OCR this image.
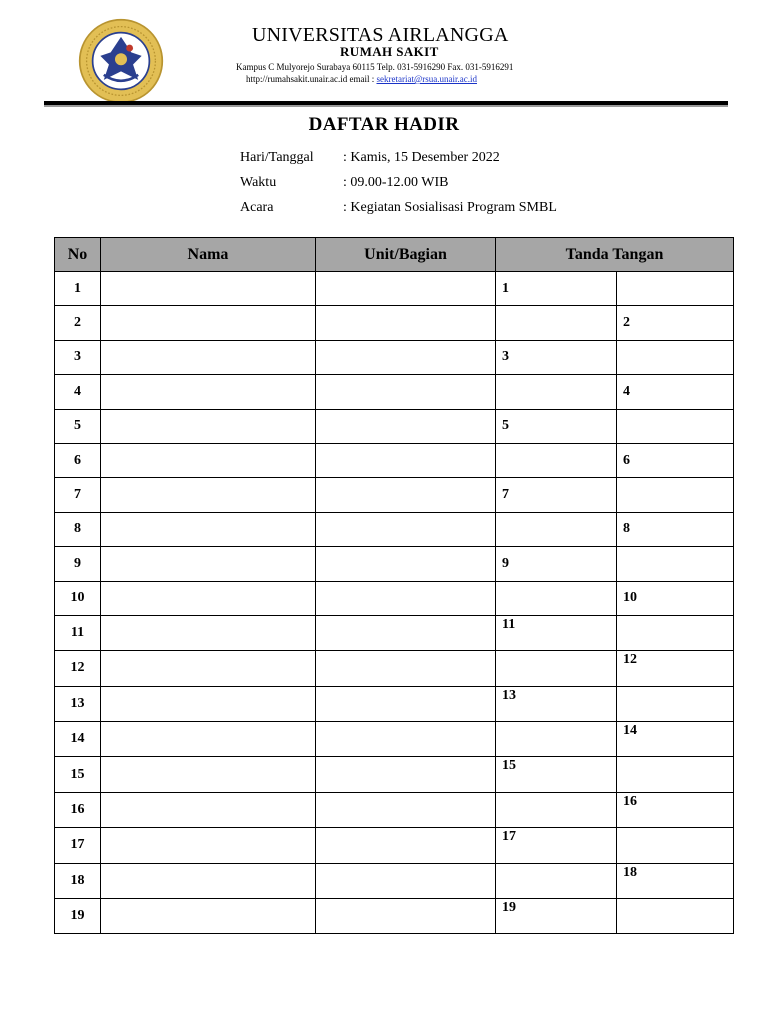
UNIVERSITAS AIRLANGGA
RUMAH SAKIT
Kampus C Mulyorejo Surabaya 60115 Telp. 031-5916290 Fax. 031-5916291
http://rumahsakit.unair.ac.id email : sekretariat@rsua.unair.ac.id
DAFTAR HADIR
Hari/Tanggal : Kamis, 15 Desember 2022
Waktu	: 09.00-12.00 WIB
Acara	: Kegiatan Sosialisasi Program SMBL
No	Nama	Unit/Bagian	Tanda Tangan	
1			1	
2				2
3			3	
4				4
5			5	
6				6
7			7	
8				8
9			9	
10				10
11			11	
12				12
13			13	
14				14
15			15	
16				16
17			17	
18				18
19			19	
